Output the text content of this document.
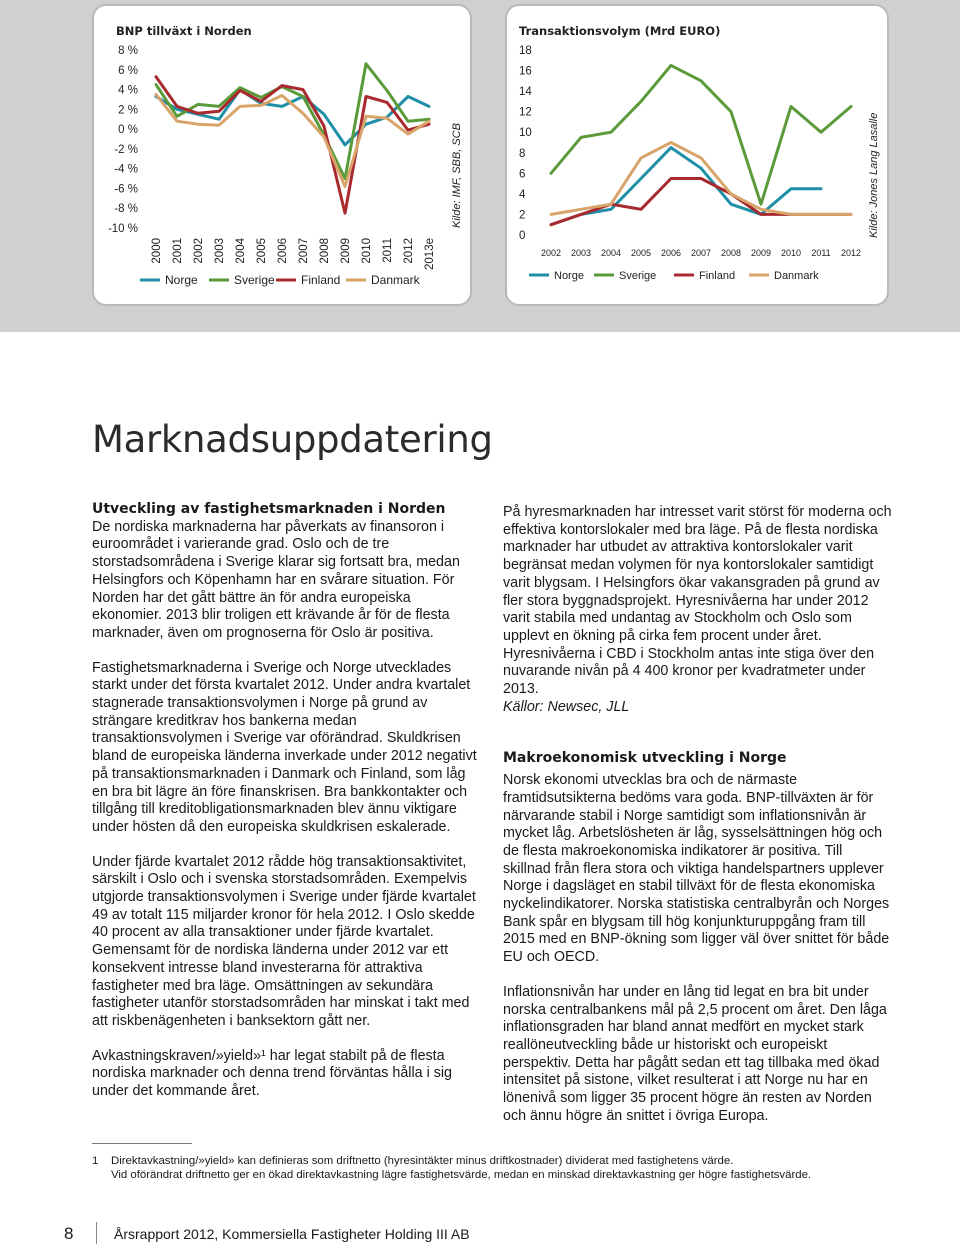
BNP tillväxt i Norden
8 %
6 %
4 %
2 %
0 %
-2 %
-4 %
-6 %
-8 %
-10 %
2000 2001 2002 2003 2004 2005 2006 2007 2008 2009 2010 2011 2012 2013e
Norge	Sverige Finland	Danmark
Kilde: IMF, SBB, SCB
Transaktionsvolym (Mrd EURO)
18
16
14
12
10
8
6
4
2
0
2002 2003 2004 2005 2006 2007 2008 2009 2010 2011 2012
Norge	Sverige	Finland	Danmark
Kilde: Jones Lang Lasalle
Marknadsuppdatering
Utveckling av fastighetsmarknaden i Norden

De nordiska marknaderna har påverkats av finansoron i euroområdet i varierande grad. Oslo och de tre storstadsområdena i Sverige klarar sig fortsatt bra, medan Helsingfors och Köpenhamn har en svårare situation. För Norden har det gått bättre än för andra europeiska ekonomier. 2013 blir troligen ett krävande år för de flesta marknader, även om prognoserna för Oslo är positiva.

Fastighetsmarknaderna i Sverige och Norge utvecklades starkt under det första kvartalet 2012. Under andra kvartalet stagnerade transaktionsvolymen i Norge på grund av strängare kreditkrav hos bankerna medan transaktionsvolymen i Sverige var oförändrad. Skuldkrisen bland de europeiska länderna inverkade under 2012 negativt på transaktionsmarknaden i Danmark och Finland, som låg en bra bit lägre än före finanskrisen. Bra bankkontakter och tillgång till kreditobligationsmarknaden blev ännu viktigare under hösten då den europeiska skuldkrisen eskalerade.

Under fjärde kvartalet 2012 rådde hög transaktionsaktivitet, särskilt i Oslo och i svenska storstadsområden. Exempelvis utgjorde transaktionsvolymen i Sverige under fjärde kvartalet 49 av totalt 115 miljarder kronor för hela 2012. I Oslo skedde 40 procent av alla transaktioner under fjärde kvartalet. Gemensamt för de nordiska länderna under 2012 var ett konsekvent intresse bland investerarna för attraktiva fastigheter med bra läge. Omsättningen av sekundära fastigheter utanför storstadsområden har minskat i takt med att riskbenägenheten i banksektorn gått ner.

Avkastningskraven/»yield»¹ har legat stabilt på de flesta nordiska marknader och denna trend förväntas hålla i sig under det kommande året.

På hyresmarknaden har intresset varit störst för moderna och effektiva kontorslokaler med bra läge. På de flesta nordiska marknader har utbudet av attraktiva kontorslokaler varit begränsat medan volymen för nya kontorslokaler samtidigt varit blygsam. I Helsingfors ökar vakansgraden på grund av fler stora byggnadsprojekt. Hyresnivåerna har under 2012 varit stabila med undantag av Stockholm och Oslo som upplevt en ökning på cirka fem procent under året. Hyresnivåerna i CBD i Stockholm antas inte stiga över den nuvarande nivån på 4 400 kronor per kvadratmeter under 2013.

Källor: Newsec, JLL

Makroekonomisk utveckling i Norge

Norsk ekonomi utvecklas bra och de närmaste framtidsutsikterna bedöms vara goda. BNP-tillväxten är för närvarande stabil i Norge samtidigt som inflationsnivån är mycket låg. Arbetslösheten är låg, sysselsättningen hög och de flesta makroekonomiska indikatorer är positiva. Till skillnad från flera stora och viktiga handelspartners upplever Norge i dagsläget en stabil tillväxt för de flesta ekonomiska nyckelindikatorer. Norska statistiska centralbyrån och Norges Bank spår en blygsam till hög konjunkturuppgång fram till 2015 med en BNP-ökning som ligger väl över snittet för både EU och OECD.

Inflationsnivån har under en lång tid legat en bra bit under norska centralbankens mål på 2,5 procent om året. Den låga inflationsgraden har bland annat medfört en mycket stark reallöneutveckling både ur historiskt och europeiskt perspektiv. Detta har pågått sedan ett tag tillbaka med ökad intensitet på sistone, vilket resulterat i att Norge nu har en lönenivå som ligger 35 procent högre än resten av Norden och ännu högre än snittet i övriga Europa.

1 Direktavkastning/»yield» kan definieras som driftnetto (hyresintäkter minus driftkostnader) dividerat med fastighetens värde.
Vid oförändrat driftnetto ger en ökad direktavkastning lägre fastighetsvärde, medan en minskad direktavkastning ger högre fastighetsvärde.
8	Årsrapport 2012, Kommersiella Fastigheter Holding III AB
